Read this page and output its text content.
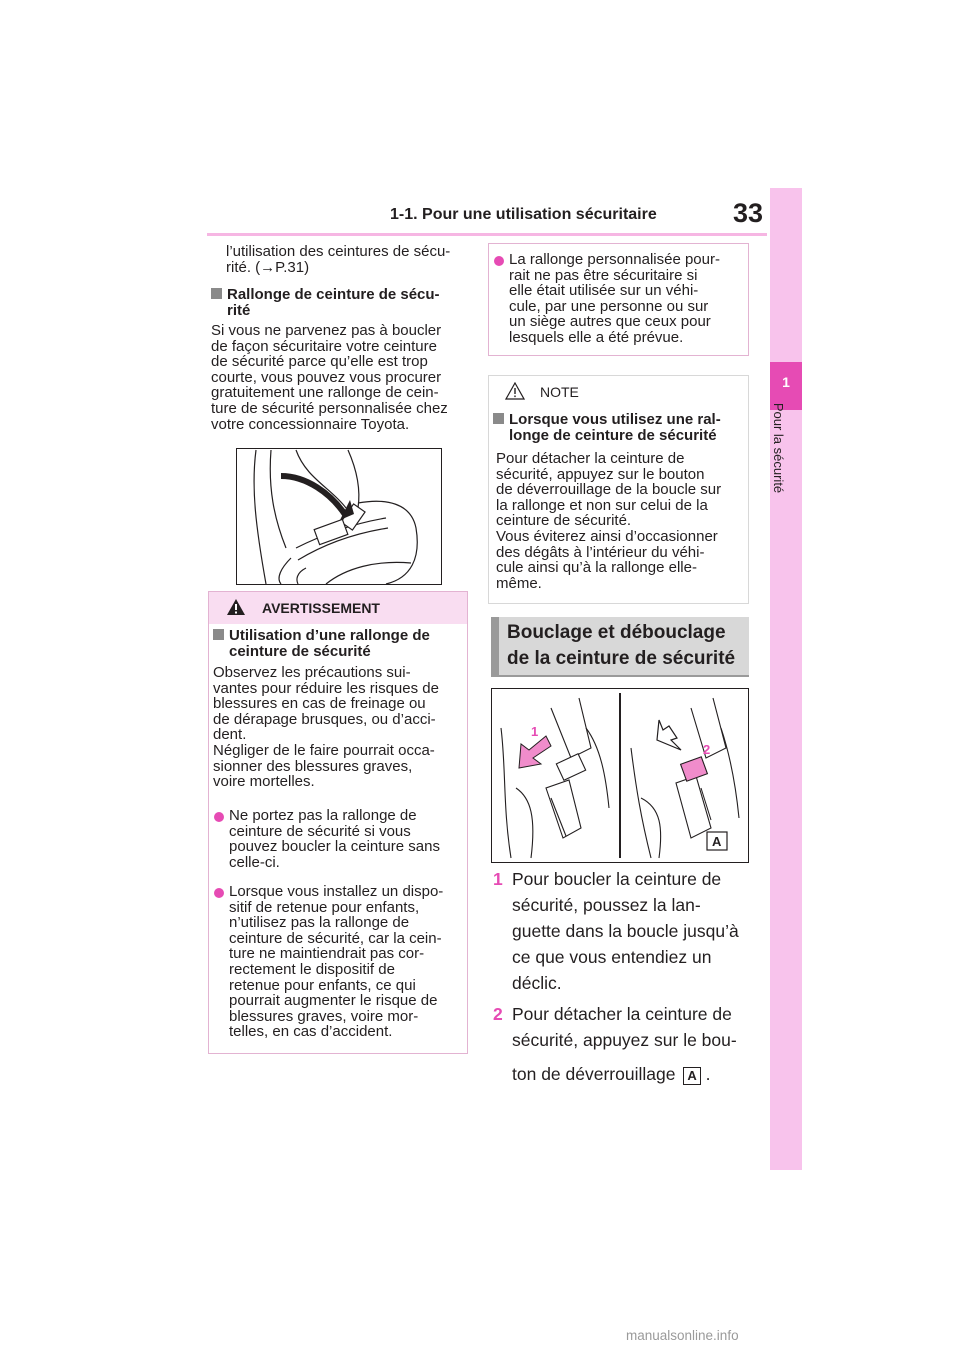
1-1. Pour une utilisation sécuritaire	33
1
Pour la sécurité
l’utilisation des ceintures de sécu-
rité. (→P.31)
Rallonge de ceinture de sécu-
rité
Si vous ne parvenez pas à boucler
de façon sécuritaire votre ceinture
de sécurité parce qu’elle est trop
courte, vous pouvez vous procurer
gratuitement une rallonge de cein-
ture de sécurité personnalisée chez
votre concessionnaire Toyota.
AVERTISSEMENT
Utilisation d’une rallonge de
ceinture de sécurité
Observez les précautions sui-
vantes pour réduire les risques de
blessures en cas de freinage ou
de dérapage brusques, ou d’acci-
dent.
Négliger de le faire pourrait occa-
sionner des blessures graves,
voire mortelles.
Ne portez pas la rallonge de
ceinture de sécurité si vous
pouvez boucler la ceinture sans
celle-ci.
Lorsque vous installez un dispo-
sitif de retenue pour enfants,
n’utilisez pas la rallonge de
ceinture de sécurité, car la cein-
ture ne maintiendrait pas cor-
rectement le dispositif de
retenue pour enfants, ce qui
pourrait augmenter le risque de
blessures graves, voire mor-
telles, en cas d’accident.
La rallonge personnalisée pour-
rait ne pas être sécuritaire si
elle était utilisée sur un véhi-
cule, par une personne ou sur
un siège autres que ceux pour
lesquels elle a été prévue.
NOTE
Lorsque vous utilisez une ral-
longe de ceinture de sécurité
Pour détacher la ceinture de
sécurité, appuyez sur le bouton
de déverrouillage de la boucle sur
la rallonge et non sur celui de la
ceinture de sécurité.
Vous éviterez ainsi d’occasionner
des dégâts à l’intérieur du véhi-
cule ainsi qu’à la rallonge elle-
même.
Bouclage et débouclage
de la ceinture de sécurité
1
2
A
1 Pour boucler la ceinture de
sécurité, poussez la lan-
guette dans la boucle jusqu’à
ce que vous entendiez un
déclic.
2 Pour détacher la ceinture de
sécurité, appuyez sur le bou-
ton de déverrouillage A .
manualsonline.info
